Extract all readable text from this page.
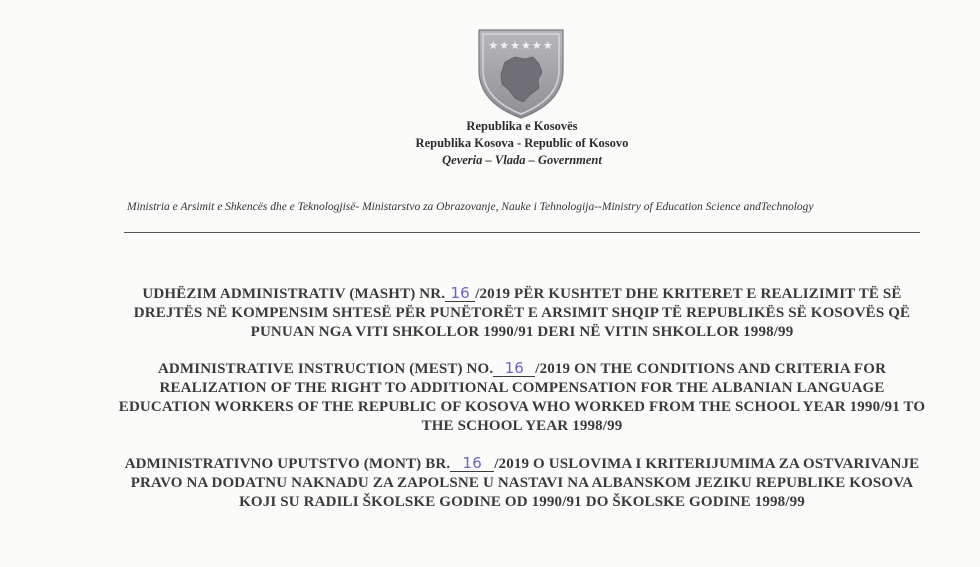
★★★★★★
Republika e Kosovës
Republika Kosova - Republic of Kosovo
Qeveria – Vlada – Government
Ministria e Arsimit e Shkencës dhe e Teknologjisë- Ministarstvo za Obrazovanje, Nauke i Tehnologija--Ministry of Education Science andTechnology
UDHËZIM ADMINISTRATIV (MASHT) NR. 16 /2019 PËR KUSHTET DHE KRITERET E REALIZIMIT TË SË DREJTËS NË KOMPENSIM SHTESË PËR PUNËTORËT E ARSIMIT SHQIP TË REPUBLIKËS SË KOSOVËS QË PUNUAN NGA VITI SHKOLLOR 1990/91 DERI NË VITIN SHKOLLOR 1998/99
ADMINISTRATIVE INSTRUCTION (MEST) NO. 16 /2019 ON THE CONDITIONS AND CRITERIA FOR REALIZATION OF THE RIGHT TO ADDITIONAL COMPENSATION FOR THE ALBANIAN LANGUAGE EDUCATION WORKERS OF THE REPUBLIC OF KOSOVA WHO WORKED FROM THE SCHOOL YEAR 1990/91 TO THE SCHOOL YEAR 1998/99
ADMINISTRATIVNO UPUTSTVO (MONT) BR. 16 /2019 O USLOVIMA I KRITERIJUMIMA ZA OSTVARIVANJE PRAVO NA DODATNU NAKNADU ZA ZAPOLSNE U NASTAVI NA ALBANSKOM JEZIKU REPUBLIKE KOSOVA KOJI SU RADILI ŠKOLSKE GODINE OD 1990/91 DO ŠKOLSKE GODINE 1998/99
